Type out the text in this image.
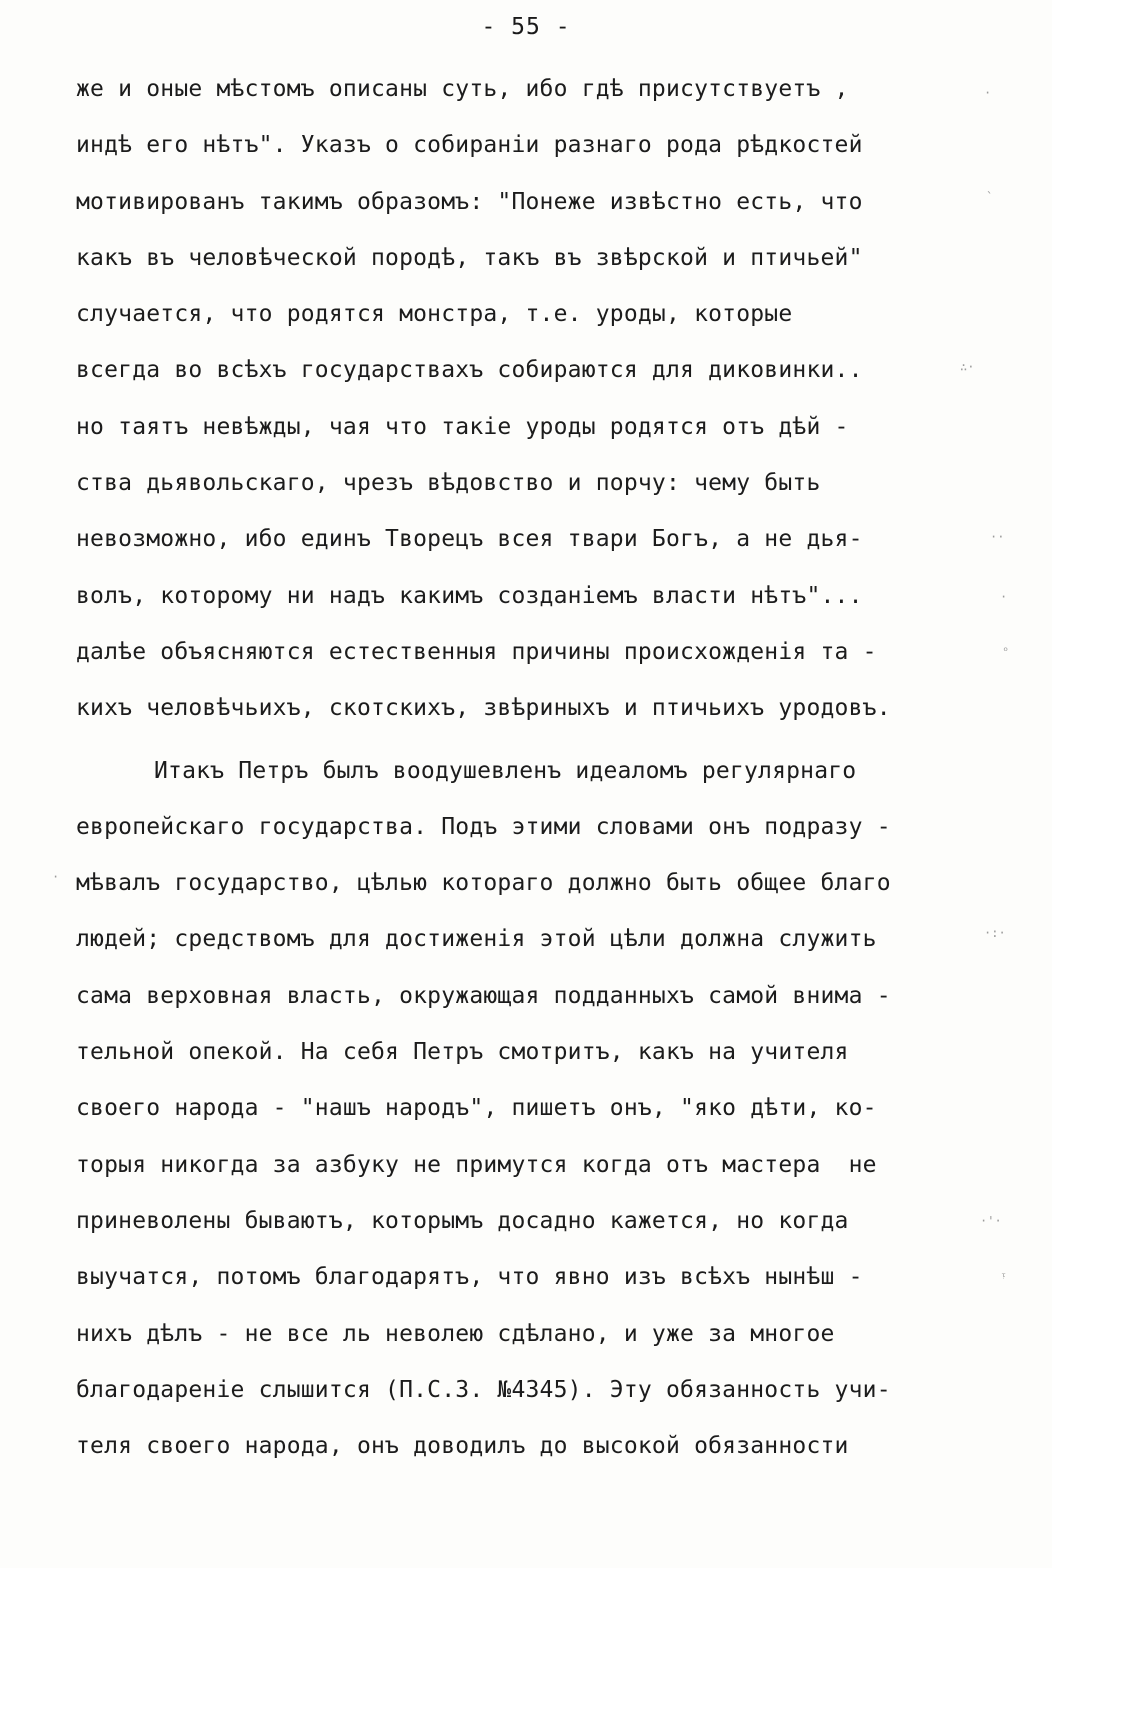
- 55 -
же и оные мѣстомъ описаны суть, ибо гдѣ присутствуетъ ,
индѣ его нѣтъ". Указъ о собираніи разнаго рода рѣдкостей
мотивированъ такимъ образомъ: "Понеже извѣстно есть, что
какъ въ человѣческой породѣ, такъ въ звѣрской и птичьей"
случается, что родятся монстра, т.е. уроды, которые
всегда во всѣхъ государствахъ собираются для диковинки..
но таятъ невѣжды, чая что такіе уроды родятся отъ дѣй -
ства дьявольскаго, чрезъ вѣдовство и порчу: чему быть
невозможно, ибо единъ Творецъ всея твари Богъ, а не дья-
волъ, которому ни надъ какимъ созданіемъ власти нѣтъ"...
далѣе объясняются естественныя причины происхожденія та -
кихъ человѣчьихъ, скотскихъ, звѣриныхъ и птичьихъ уродовъ.
Итакъ Петръ былъ воодушевленъ идеаломъ регулярнаго
европейскаго государства. Подъ этими словами онъ подразу -
мѣвалъ государство, цѣлью котораго должно быть общее благо
людей; средствомъ для достиженія этой цѣли должна служить
сама верховная власть, окружающая подданныхъ самой внима -
тельной опекой. На себя Петръ смотритъ, какъ на учителя
своего народа - "нашъ народъ", пишетъ онъ, "яко дѣти, ко-
торыя никогда за азбуку не примутся когда отъ мастера  не
приневолены бываютъ, которымъ досадно кажется, но когда
выучатся, потомъ благодарятъ, что явно изъ всѣхъ нынѣш -
нихъ дѣлъ - не все ль неволею сдѣлано, и уже за многое
благодареніе слышится (П.С.З. №4345). Эту обязанность учи-
теля своего народа, онъ доводилъ до высокой обязанности
·
`
∴·
··
·
ᵒ
·:·
·'·
ᵎ
·
